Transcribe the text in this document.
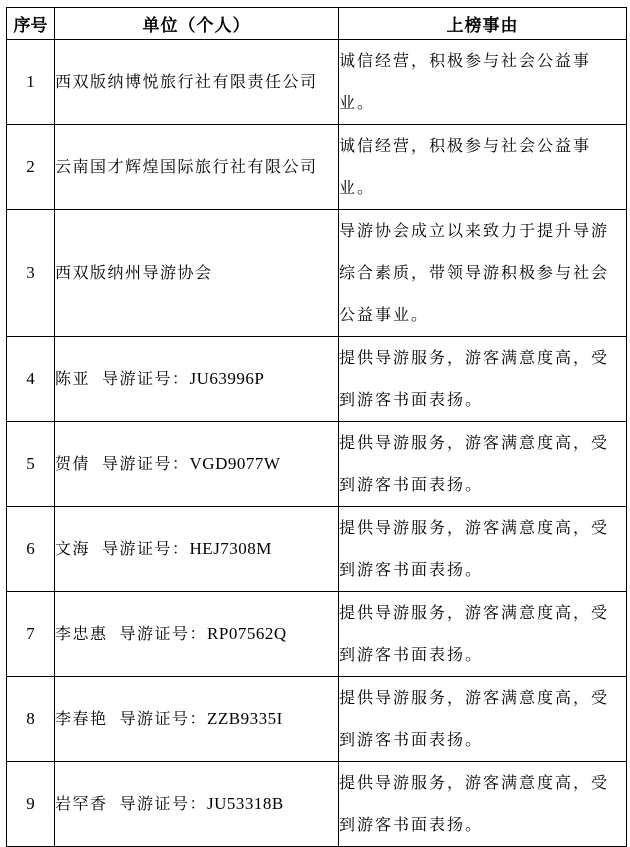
序号	单位（个人）	上榜事由
1	西双版纳博悦旅行社有限责任公司	诚信经营，积极参与社会公益事业。
2	云南国才辉煌国际旅行社有限公司	诚信经营，积极参与社会公益事业。
3	西双版纳州导游协会	导游协会成立以来致力于提升导游综合素质，带领导游积极参与社会公益事业。
4	陈亚 导游证号：JU63996P	提供导游服务，游客满意度高，受到游客书面表扬。
5	贺倩 导游证号：VGD9077W	提供导游服务，游客满意度高，受到游客书面表扬。
6	文海 导游证号：HEJ7308M	提供导游服务，游客满意度高，受到游客书面表扬。
7	李忠惠 导游证号：RP07562Q	提供导游服务，游客满意度高，受到游客书面表扬。
8	李春艳 导游证号：ZZB9335I	提供导游服务，游客满意度高，受到游客书面表扬。
9	岩罕香 导游证号：JU53318B	提供导游服务，游客满意度高，受到游客书面表扬。
